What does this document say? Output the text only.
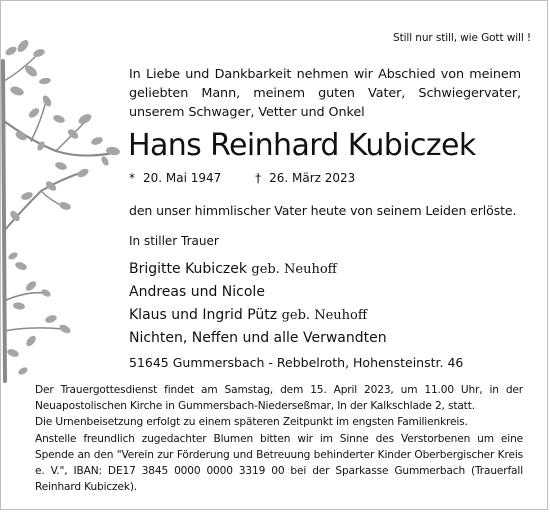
Still nur still, wie Gott will !
In Liebe und Dankbarkeit nehmen wir Abschied von meinem geliebten Mann, meinem guten Vater, Schwiegervater, unserem Schwager, Vetter und Onkel
Hans Reinhard Kubiczek
* 20. Mai 1947	† 26. März 2023
den unser himmlischer Vater heute von seinem Leiden erlöste.
In stiller Trauer
Brigitte Kubiczek geb. Neuhoff
Andreas und Nicole
Klaus und Ingrid Pütz geb. Neuhoff
Nichten, Neffen und alle Verwandten
51645 Gummersbach - Rebbelroth, Hohensteinstr. 46

Der Trauergottesdienst findet am Samstag, dem 15. April 2023, um 11.00 Uhr, in der Neuapostolischen Kirche in Gummersbach-Niederseßmar, In der Kalkschlade 2, statt.

Die Urnenbeisetzung erfolgt zu einem späteren Zeitpunkt im engsten Familienkreis.

Anstelle freundlich zugedachter Blumen bitten wir im Sinne des Verstorbenen um eine Spende an den "Verein zur Förderung und Betreuung behinderter Kinder Oberbergischer Kreis e. V.", IBAN: DE17 3845 0000 0000 3319 00 bei der Sparkasse Gummerbach (Trauerfall Reinhard Kubiczek).
